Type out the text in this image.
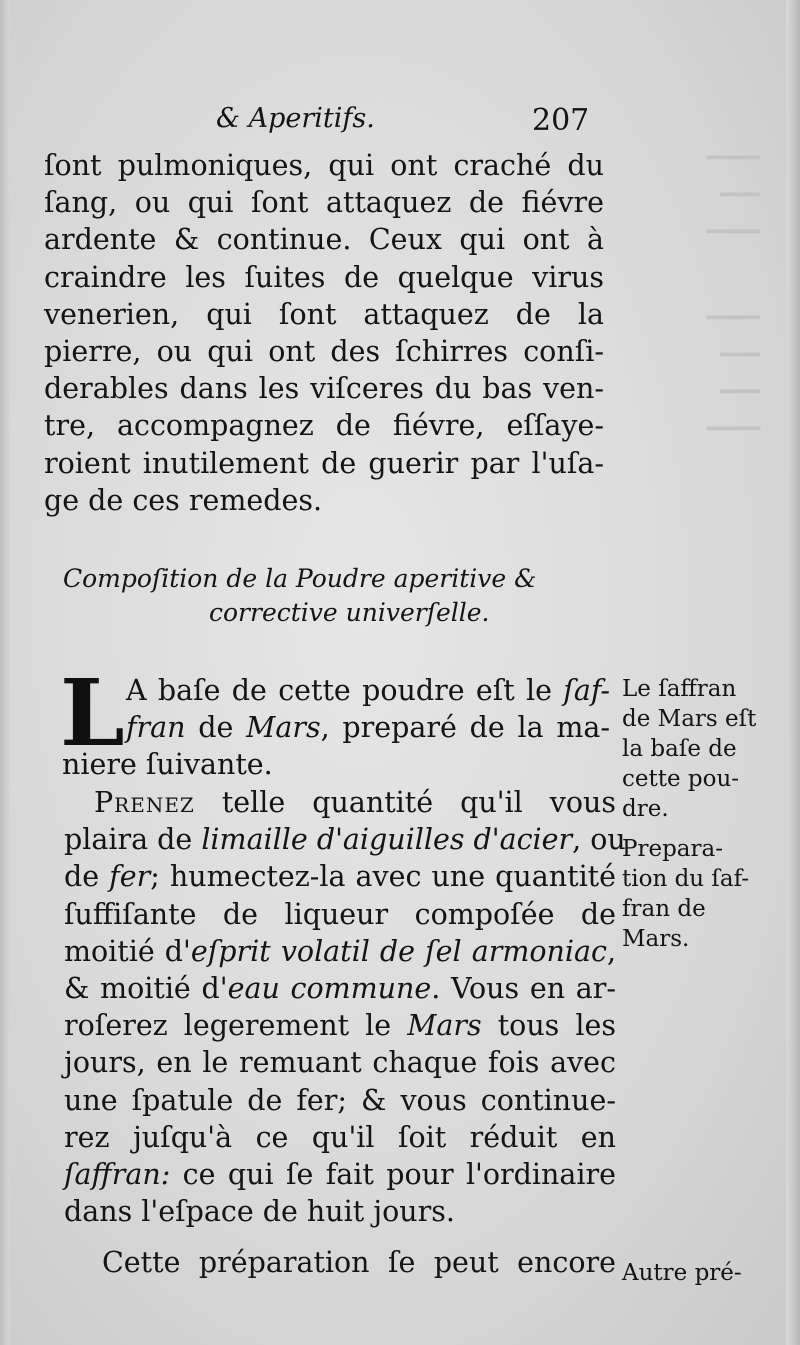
━━━━
━━━
━━━━
━━━━
━━━
━━━
━━━━
& Aperitifs.	207
ſont pulmoniques, qui ont craché du
ſang, ou qui ſont attaquez de fiévre
ardente & continue. Ceux qui ont à
craindre les ſuites de quelque virus
venerien, qui ſont attaquez de la
pierre, ou qui ont des ſchirres conſi-
derables dans les viſceres du bas ven-
tre, accompagnez de fiévre, eſſaye-
roient inutilement de guerir par l'uſa-
ge de ces remedes.
Compoſition de la Poudre aperitive &
corrective univerſelle.
L A baſe de cette poudre eſt le ſaf-
fran de Mars, preparé de la ma-
niere ſuivante.
Prenez telle quantité qu'il vous
plaira de limaille d'aiguilles d'acier, ou
de fer; humectez-la avec une quantité
ſuffiſante de liqueur compoſée de
moitié d'eſprit volatil de ſel armoniac,
& moitié d'eau commune. Vous en ar-
roſerez legerement le Mars tous les
jours, en le remuant chaque fois avec
une ſpatule de fer; & vous continue-
rez juſqu'à ce qu'il ſoit réduit en
ſaffran: ce qui ſe fait pour l'ordinaire
dans l'eſpace de huit jours.
Cette préparation ſe peut encore
Le ſaffran
de Mars eſt
la baſe de
cette pou-
dre.
Prepara-
tion du ſaf-
fran de
Mars.
Autre pré-
